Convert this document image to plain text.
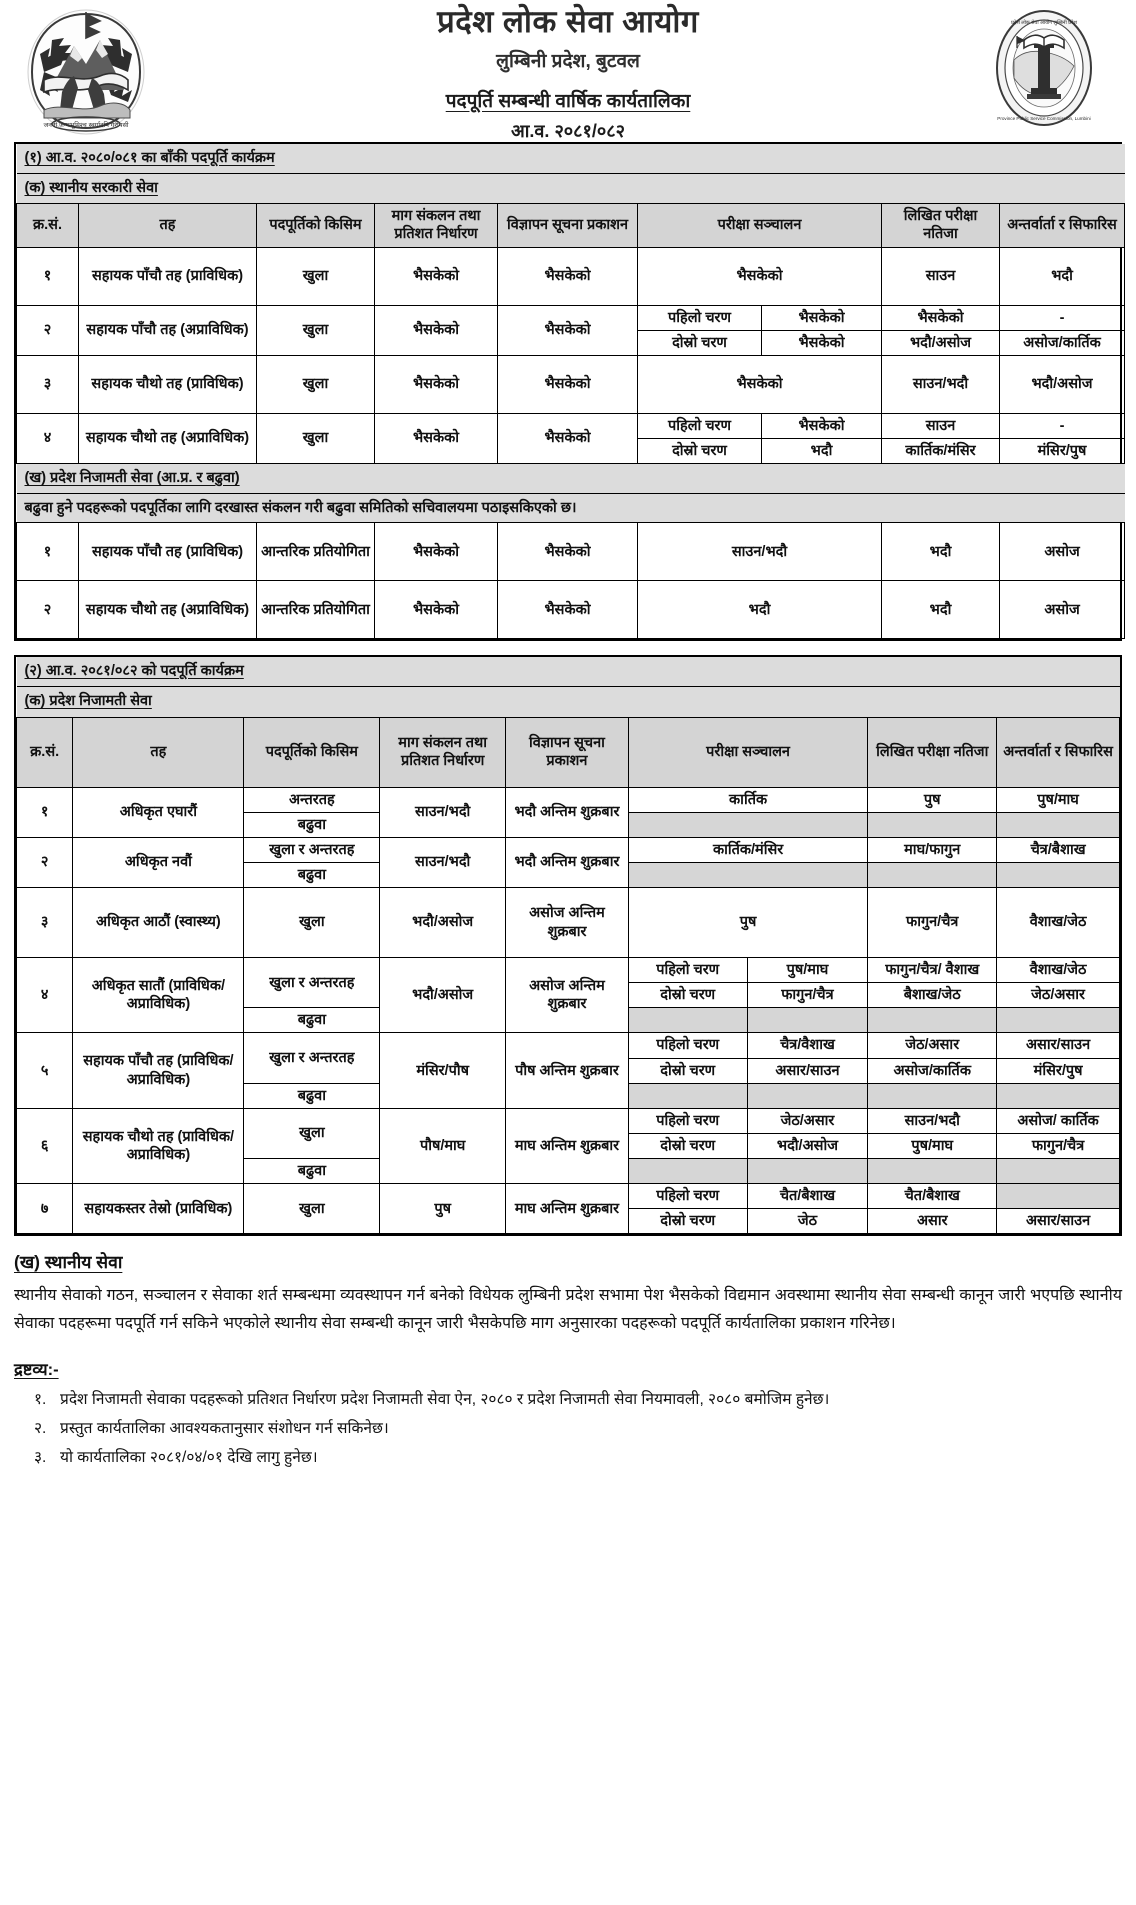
जननी जन्मभूमिश्च स्वर्गादपि गरीयसी
प्रदेश लोक सेवा आयोग
लुम्बिनी प्रदेश, बुटवल
पदपूर्ति सम्बन्धी वार्षिक कार्यतालिका
आ.व. २०८१/०८२
प्रदेश लोक सेवा आयोग लुम्बिनी प्रदेश
Province Public Service Commission, Lumbini
(१) आ.व. २०८०/०८१ का बाँकी पदपूर्ति कार्यक्रम								
(क) स्थानीय सरकारी सेवा								
क्र.सं.	तह	पदपूर्तिको किसिम	माग संकलन तथा प्रतिशत निर्धारण	विज्ञापन सूचना प्रकाशन	परीक्षा सञ्चालन		लिखित परीक्षा नतिजा	अन्तर्वार्ता र सिफारिस
१	सहायक पाँचौ तह (प्राविधिक)	खुला	भैसकेको	भैसकेको	भैसकेको		साउन	भदौ
२	सहायक पाँचौ तह (अप्राविधिक)	खुला	भैसकेको	भैसकेको	पहिलो चरण	भैसकेको	भैसकेको	-
					दोस्रो चरण	भैसकेको	भदौ/असोज	असोज/कार्तिक
३	सहायक चौथो तह (प्राविधिक)	खुला	भैसकेको	भैसकेको	भैसकेको		साउन/भदौ	भदौ/असोज
४	सहायक चौथो तह (अप्राविधिक)	खुला	भैसकेको	भैसकेको	पहिलो चरण	भैसकेको	साउन	-
					दोस्रो चरण	भदौ	कार्तिक/मंसिर	मंसिर/पुष
(ख) प्रदेश निजामती सेवा (आ.प्र. र बढुवा)								
बढुवा हुने पदहरूको पदपूर्तिका लागि दरखास्त संकलन गरी बढुवा समितिको सचिवालयमा पठाइसकिएको छ।								
१	सहायक पाँचौ तह (प्राविधिक)	आन्तरिक प्रतियोगिता	भैसकेको	भैसकेको	साउन/भदौ		भदौ	असोज
२	सहायक चौथो तह (अप्राविधिक)	आन्तरिक प्रतियोगिता	भैसकेको	भैसकेको	भदौ		भदौ	असोज
(२) आ.व. २०८१/०८२ को पदपूर्ति कार्यक्रम								
(क) प्रदेश निजामती सेवा								
क्र.सं.	तह	पदपूर्तिको किसिम	माग संकलन तथा प्रतिशत निर्धारण	विज्ञापन सूचना प्रकाशन	परीक्षा सञ्चालन		लिखित परीक्षा नतिजा	अन्तर्वार्ता र सिफारिस
१	अधिकृत एघारौं	अन्तरतह	साउन/भदौ	भदौ अन्तिम शुक्रबार	कार्तिक		पुष	पुष/माघ
		बढुवा						
२	अधिकृत नवौं	खुला र अन्तरतह	साउन/भदौ	भदौ अन्तिम शुक्रबार	कार्तिक/मंसिर		माघ/फागुन	चैत्र/बैशाख
		बढुवा						
३	अधिकृत आठौं (स्वास्थ्य)	खुला	भदौ/असोज	असोज अन्तिम शुक्रबार	पुष		फागुन/चैत्र	वैशाख/जेठ
४	अधिकृत सातौं (प्राविधिक/ अप्राविधिक)	खुला र अन्तरतह	भदौ/असोज	असोज अन्तिम शुक्रबार	पहिलो चरण	पुष/माघ	फागुन/चैत्र/ वैशाख	वैशाख/जेठ
					दोस्रो चरण	फागुन/चैत्र	बैशाख/जेठ	जेठ/असार
		बढुवा						
५	सहायक पाँचौ तह (प्राविधिक/ अप्राविधिक)	खुला र अन्तरतह	मंसिर/पौष	पौष अन्तिम शुक्रबार	पहिलो चरण	चैत्र/वैशाख	जेठ/असार	असार/साउन
					दोस्रो चरण	असार/साउन	असोज/कार्तिक	मंसिर/पुष
		बढुवा						
६	सहायक चौथो तह (प्राविधिक/ अप्राविधिक)	खुला	पौष/माघ	माघ अन्तिम शुक्रबार	पहिलो चरण	जेठ/असार	साउन/भदौ	असोज/ कार्तिक
					दोस्रो चरण	भदौ/असोज	पुष/माघ	फागुन/चैत्र
		बढुवा						
७	सहायकस्तर तेस्रो (प्राविधिक)	खुला	पुष	माघ अन्तिम शुक्रबार	पहिलो चरण	चैत/बैशाख	चैत/बैशाख	
					दोस्रो चरण	जेठ	असार	असार/साउन
(ख) स्थानीय सेवा

स्थानीय सेवाको गठन, सञ्चालन र सेवाका शर्त सम्बन्धमा व्यवस्थापन गर्न बनेको विधेयक लुम्बिनी प्रदेश सभामा पेश भैसकेको विद्यमान अवस्थामा स्थानीय सेवा सम्बन्धी कानून जारी भएपछि स्थानीय सेवाका पदहरूमा पदपूर्ति गर्न सकिने भएकोले स्थानीय सेवा सम्बन्धी कानून जारी भैसकेपछि माग अनुसारका पदहरूको पदपूर्ति कार्यतालिका प्रकाशन गरिनेछ।

द्रष्टव्य:-
१. प्रदेश निजामती सेवाका पदहरूको प्रतिशत निर्धारण प्रदेश निजामती सेवा ऐन, २०८० र प्रदेश निजामती सेवा नियमावली, २०८० बमोजिम हुनेछ।
२. प्रस्तुत कार्यतालिका आवश्यकतानुसार संशोधन गर्न सकिनेछ।
३. यो कार्यतालिका २०८१/०४/०१ देखि लागु हुनेछ।
